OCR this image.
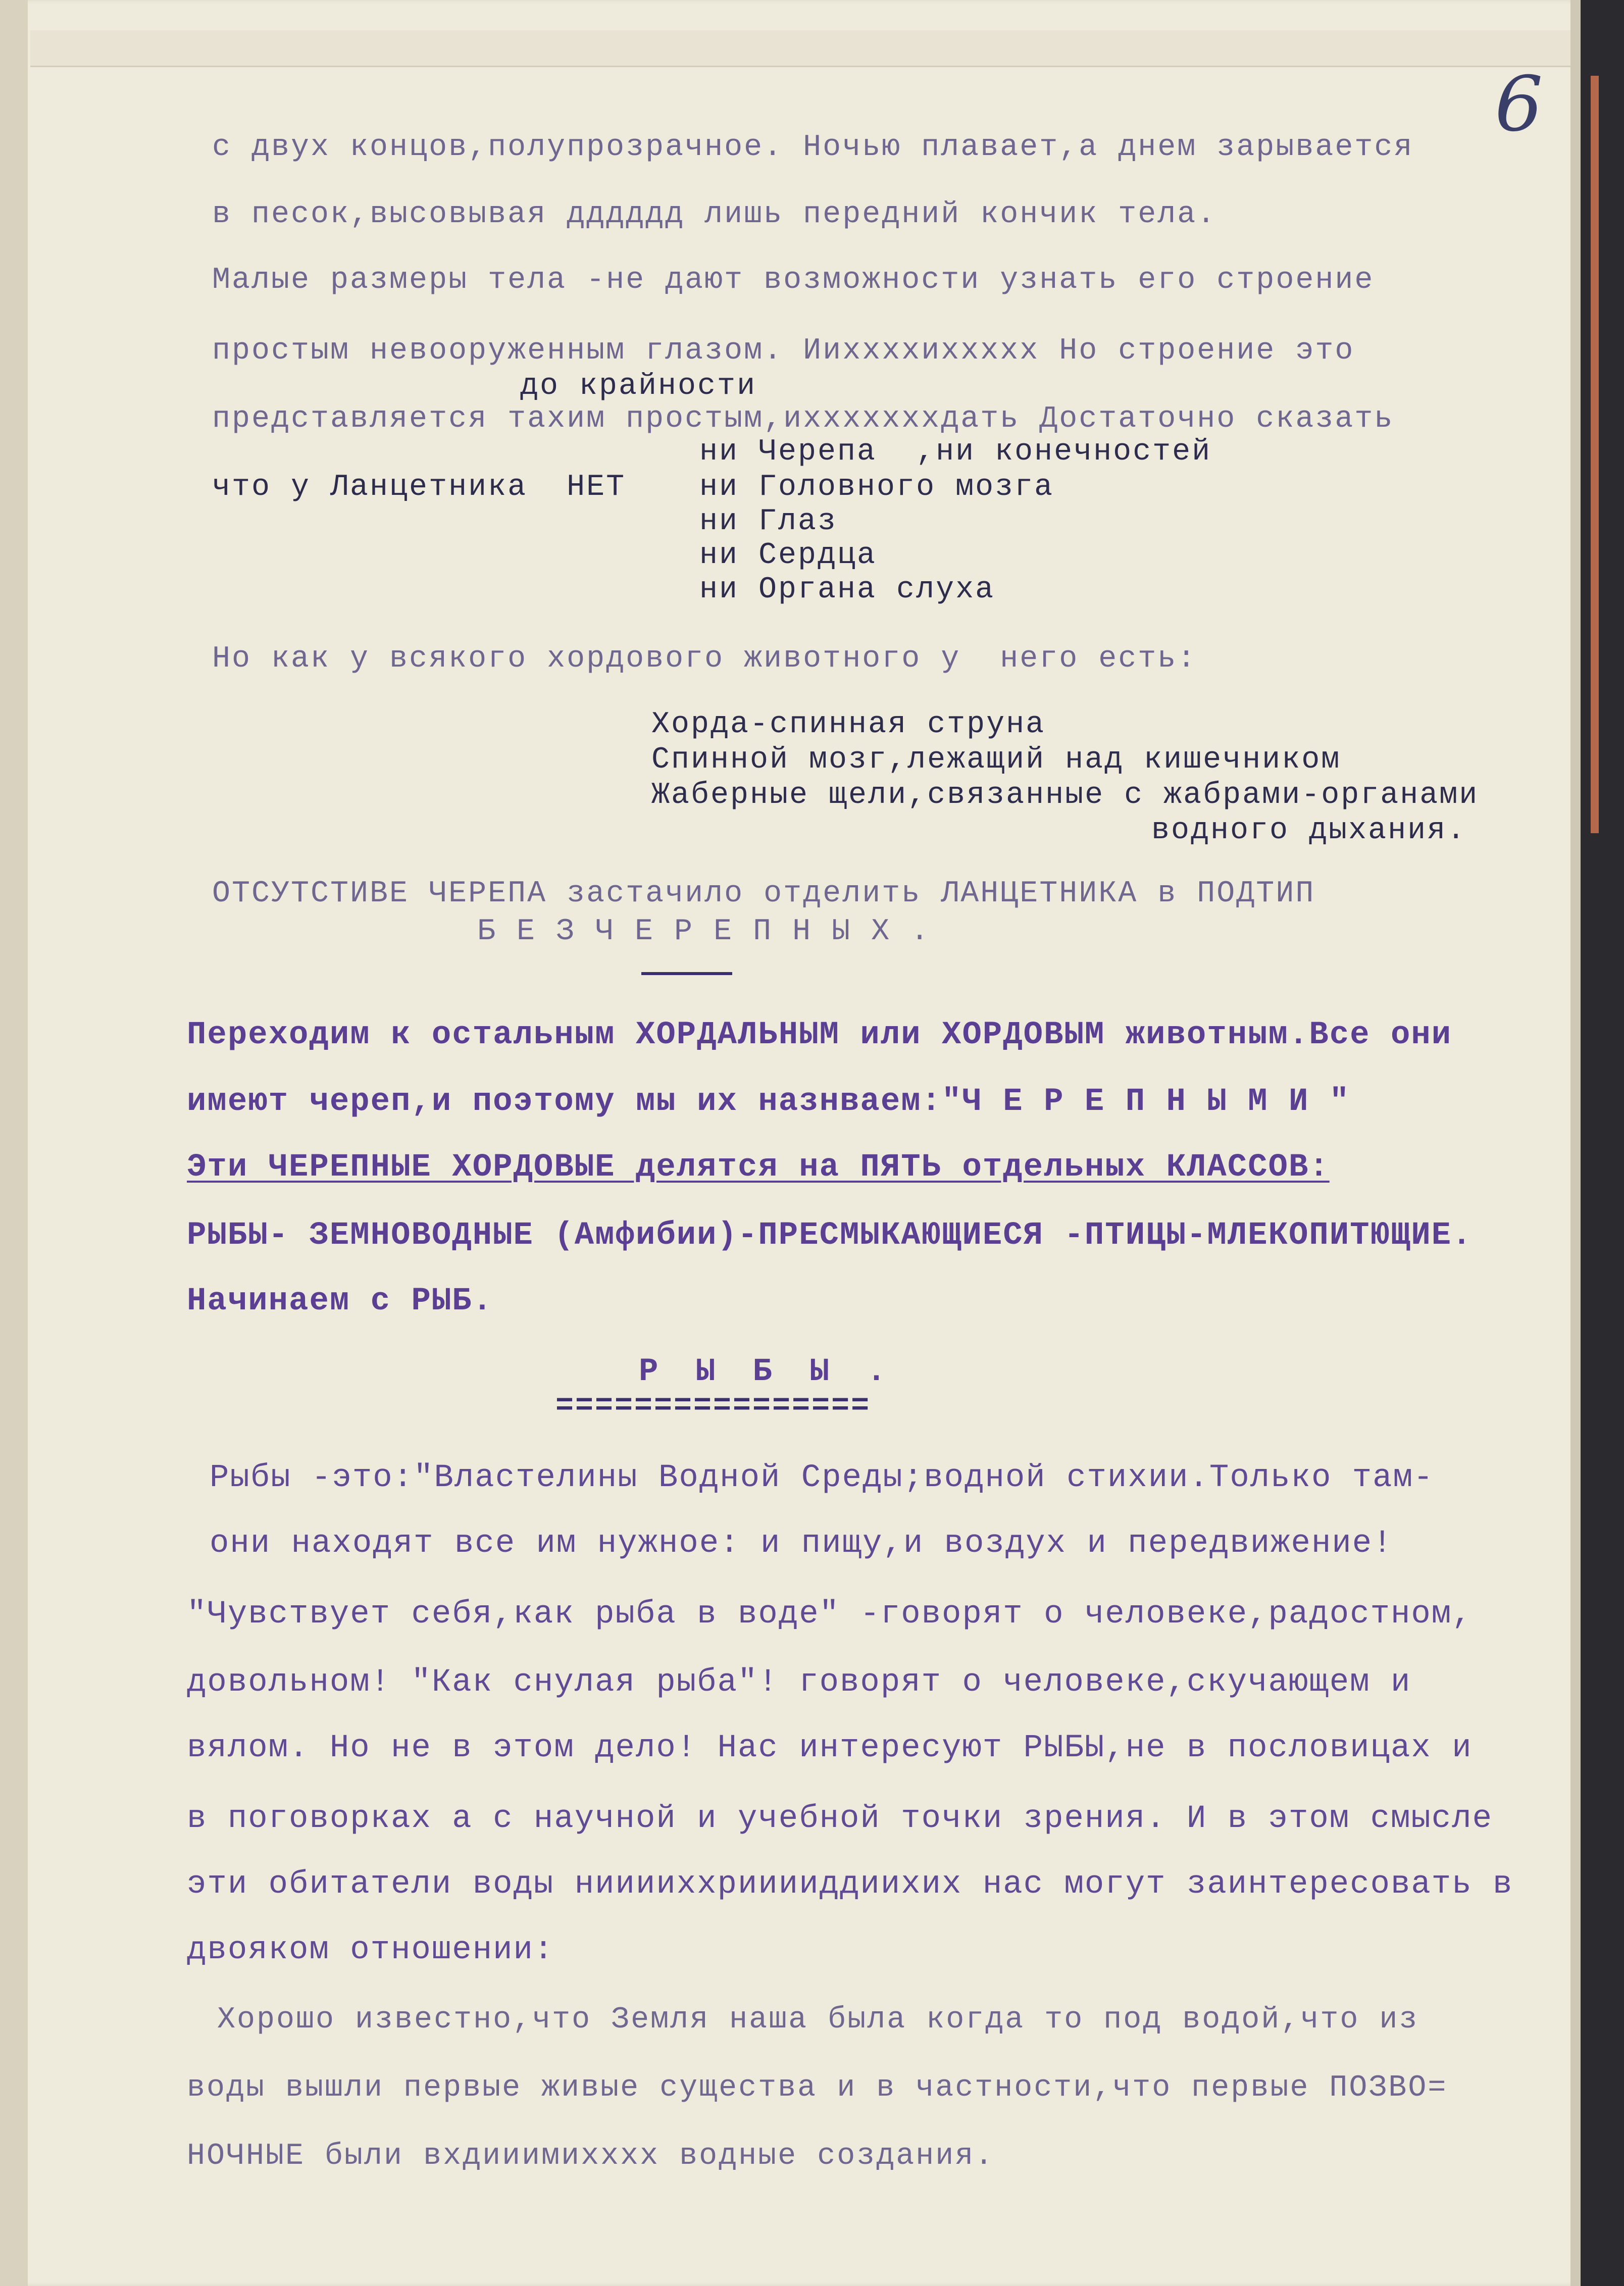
6
с двух концов,полупрозрачное. Ночью плавает,а днем зарывается
в песок,высовывая дддддд лишь передний кончик тела.
Малые размеры тела -не дают возможности узнать его строение
простым невооруженным глазом. Ииххххиххххх Но строение это
до крайности
представляется тахим простым,ихххххххдать Достаточно сказать
что у Ланцетника  НЕТ
ни Черепа  ,ни конечностей
ни Головного мозга
ни Глаз
ни Сердца
ни Органа слуха
Но как у всякого хордового животного у  него есть:
Хорда-спинная струна
Спинной мозг,лежащий над кишечником
Жаберные щели,связанные с жабрами-органами
водного дыхания.
ОТСУТСТИВЕ ЧЕРЕПА застачило отделить ЛАНЦЕТНИКА в ПОДТИП
Б Е З Ч Е Р Е П Н Ы Х .
Переходим к остальным ХОРДАЛЬНЫМ или ХОРДОВЫМ животным.Все они
имеют череп,и поэтому мы их назнваем:"Ч Е Р Е П Н Ы М И "
Эти ЧЕРЕПНЫЕ ХОРДОВЫЕ делятся на ПЯТЬ отдельных КЛАССОВ:
РЫБЫ- ЗЕМНОВОДНЫЕ (Амфибии)-ПРЕСМЫКАЮЩИЕСЯ -ПТИЦЫ-МЛЕКОПИТЮЩИЕ.
Начинаем с РЫБ.
Р Ы Б Ы .
================
Рыбы -это:"Властелины Водной Среды;водной стихии.Только там-
они находят все им нужное: и пищу,и воздух и передвижение!
"Чувствует себя,как рыба в воде" -говорят о человеке,радостном,
довольном! "Как снулая рыба"! говорят о человеке,скучающем и
вялом. Но не в этом дело! Нас интересуют РЫБЫ,не в пословицах и
в поговорках а с научной и учебной точки зрения. И в этом смысле
эти обитатели воды нииииххрииииддиихих нас могут заинтересовать в
двояком отношении:
Хорошо известно,что Земля наша была когда то под водой,что из
воды вышли первые живые существа и в частности,что первые ПОЗВО=
НОЧНЫЕ были вхдииимихххх водные создания.
